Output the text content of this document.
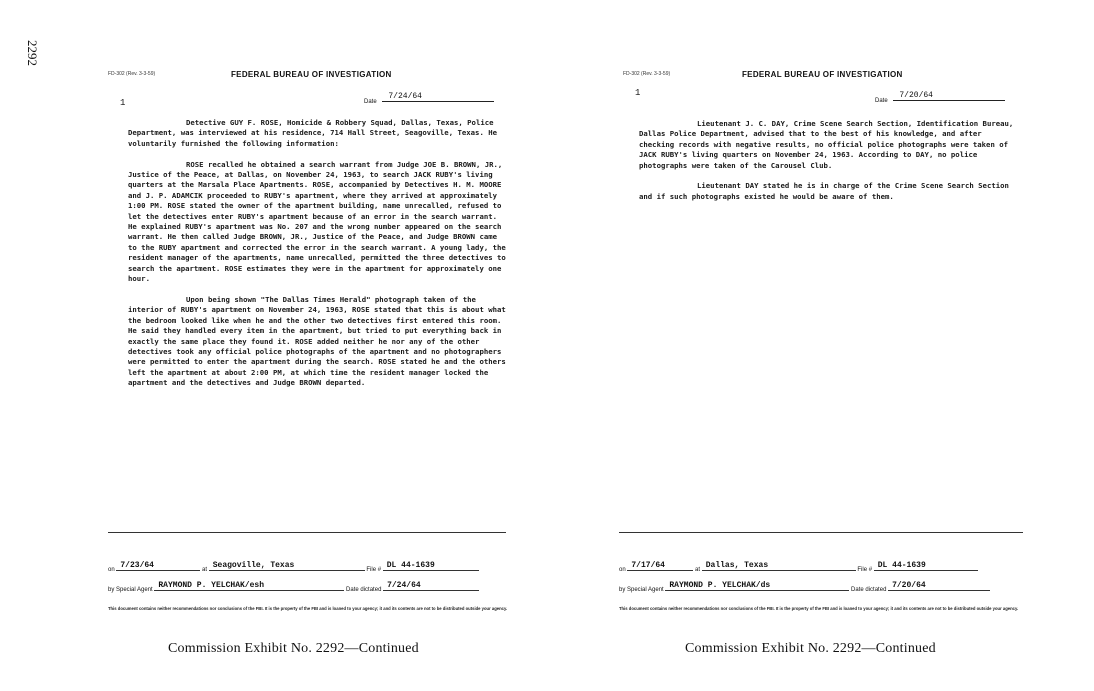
2292
FD-302 (Rev. 3-3-59)	FEDERAL BUREAU OF INVESTIGATION
1	Date 7/24/64

Detective GUY F. ROSE, Homicide & Robbery Squad, Dallas, Texas, Police Department, was interviewed at his residence, 714 Hall Street, Seagoville, Texas. He voluntarily furnished the following information:

ROSE recalled he obtained a search warrant from Judge JOE B. BROWN, JR., Justice of the Peace, at Dallas, on November 24, 1963, to search JACK RUBY's living quarters at the Marsala Place Apartments. ROSE, accompanied by Detectives H. M. MOORE and J. P. ADAMCIK proceeded to RUBY's apartment, where they arrived at approximately 1:00 PM. ROSE stated the owner of the apartment building, name unrecalled, refused to let the detectives enter RUBY's apartment because of an error in the search warrant. He explained RUBY's apartment was No. 207 and the wrong number appeared on the search warrant. He then called Judge BROWN, JR., Justice of the Peace, and Judge BROWN came to the RUBY apartment and corrected the error in the search warrant. A young lady, the resident manager of the apartments, name unrecalled, permitted the three detectives to search the apartment. ROSE estimates they were in the apartment for approximately one hour.

Upon being shown "The Dallas Times Herald" photograph taken of the interior of RUBY's apartment on November 24, 1963, ROSE stated that this is about what the bedroom looked like when he and the other two detectives first entered this room. He said they handled every item in the apartment, but tried to put everything back in exactly the same place they found it. ROSE added neither he nor any of the other detectives took any official police photographs of the apartment and no photographers were permitted to enter the apartment during the search. ROSE stated he and the others left the apartment at about 2:00 PM, at which time the resident manager locked the apartment and the detectives and Judge BROWN departed.

on 7/23/64	at Seagoville, Texas	File # DL 44-1639
by Special Agent RAYMOND P. YELCHAK/esh	Date dictated 7/24/64
This document contains neither recommendations nor conclusions of the FBI. It is the property of the FBI and is loaned to your agency; it and its contents are not to be distributed outside your agency.
Commission Exhibit No. 2292—Continued
FD-302 (Rev. 3-3-59)	FEDERAL BUREAU OF INVESTIGATION
1
Date 7/20/64

Lieutenant J. C. DAY, Crime Scene Search Section, Identification Bureau, Dallas Police Department, advised that to the best of his knowledge, and after checking records with negative results, no official police photographs were taken of JACK RUBY's living quarters on November 24, 1963. According to DAY, no police photographs were taken of the Carousel Club.

Lieutenant DAY stated he is in charge of the Crime Scene Search Section and if such photographs existed he would be aware of them.

on 7/17/64	at Dallas, Texas	File # DL 44-1639
by Special Agent RAYMOND P. YELCHAK/ds	Date dictated 7/20/64
This document contains neither recommendations nor conclusions of the FBI. It is the property of the FBI and is loaned to your agency; it and its contents are not to be distributed outside your agency.
Commission Exhibit No. 2292—Continued
